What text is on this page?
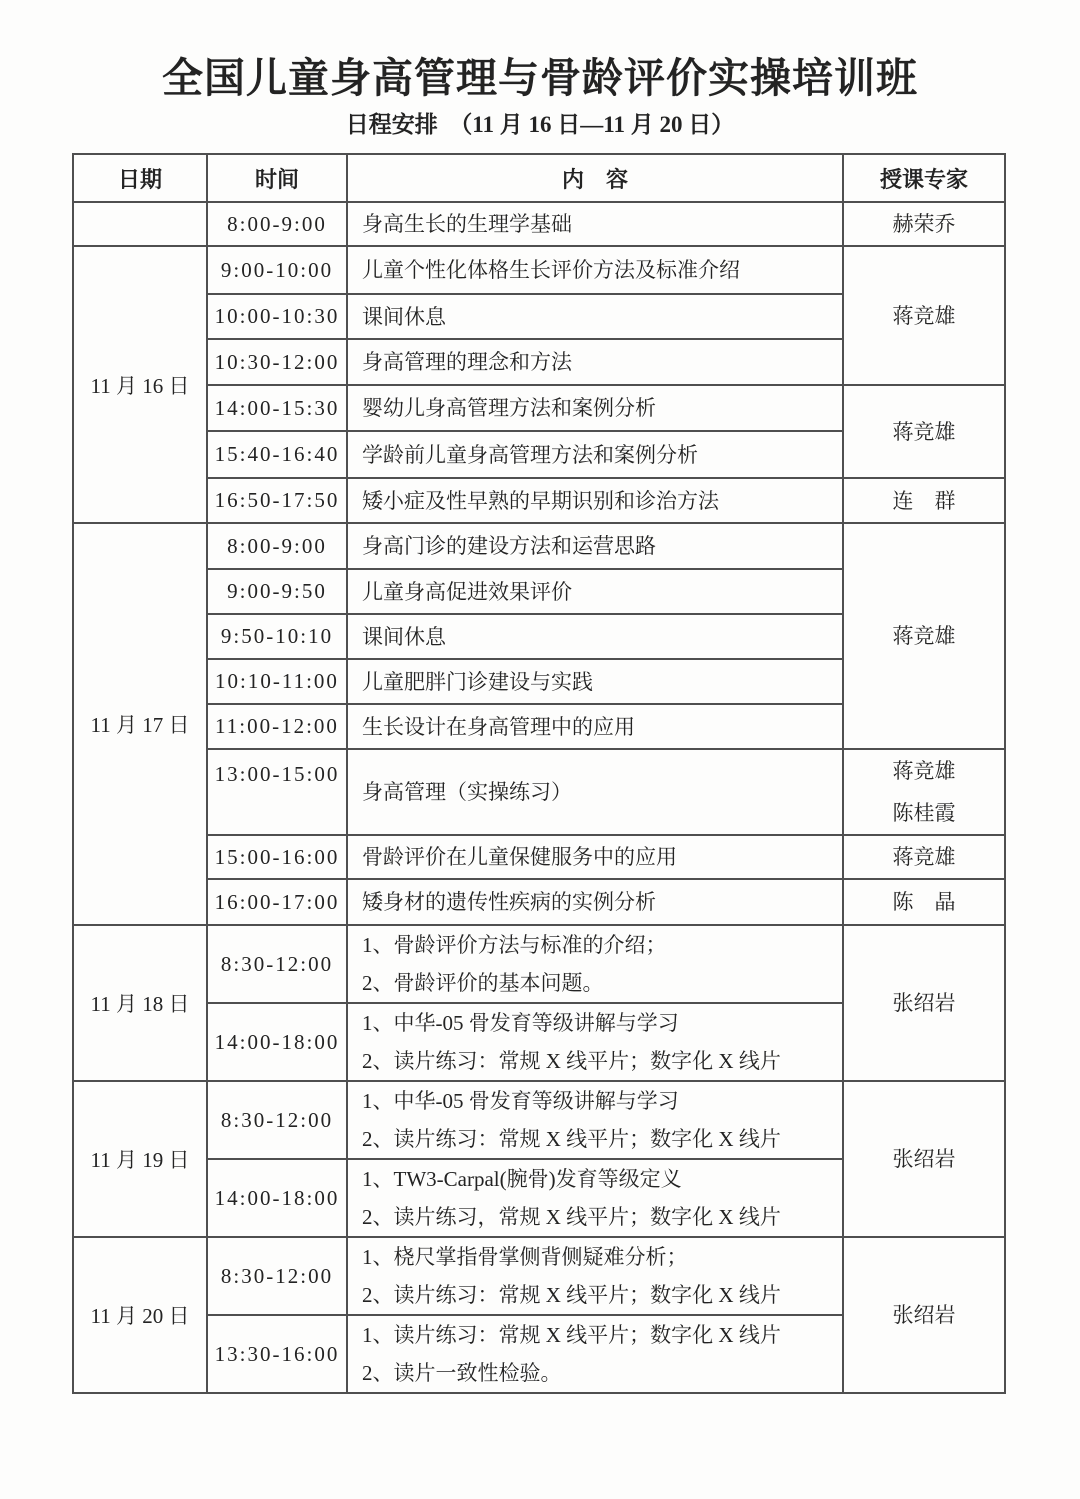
全国儿童身高管理与骨龄评价实操培训班
日程安排　（11 月 16 日—11 月 20 日）
日期	时间	内　容	授课专家
	8:00-9:00	身高生长的生理学基础	赫荣乔

11 月 16 日	9:00-10:00	儿童个性化体格生长评价方法及标准介绍	蒋竞雄

	10:00-10:30	课间休息	

	10:30-12:00	身高管理的理念和方法	

	14:00-15:30	婴幼儿身高管理方法和案例分析	蒋竞雄

	15:40-16:40	学龄前儿童身高管理方法和案例分析	

	16:50-17:50	矮小症及性早熟的早期识别和诊治方法	连　群

11 月 17 日	8:00-9:00	身高门诊的建设方法和运营思路	蒋竞雄

	9:00-9:50	儿童身高促进效果评价	

	9:50-10:10	课间休息	

	10:10-11:00	儿童肥胖门诊建设与实践	

	11:00-12:00	生长设计在身高管理中的应用	

	13:00-15:00	身高管理（实操练习）	蒋竞雄
陈桂霞

	15:00-16:00	骨龄评价在儿童保健服务中的应用	蒋竞雄

	16:00-17:00	矮身材的遗传性疾病的实例分析	陈　晶

11 月 18 日	8:30-12:00	1、骨龄评价方法与标准的介绍；
2、骨龄评价的基本问题。	张绍岩

	14:00-18:00	1、中华-05 骨发育等级讲解与学习
2、读片练习：常规 X 线平片；数字化 X 线片	

11 月 19 日	8:30-12:00	1、中华-05 骨发育等级讲解与学习
2、读片练习：常规 X 线平片；数字化 X 线片	张绍岩

	14:00-18:00	1、TW3-Carpal(腕骨)发育等级定义
2、读片练习，常规 X 线平片；数字化 X 线片	

11 月 20 日	8:30-12:00	1、桡尺掌指骨掌侧背侧疑难分析；
2、读片练习：常规 X 线平片；数字化 X 线片	张绍岩

	13:30-16:00	1、读片练习：常规 X 线平片；数字化 X 线片
2、读片一致性检验。	
